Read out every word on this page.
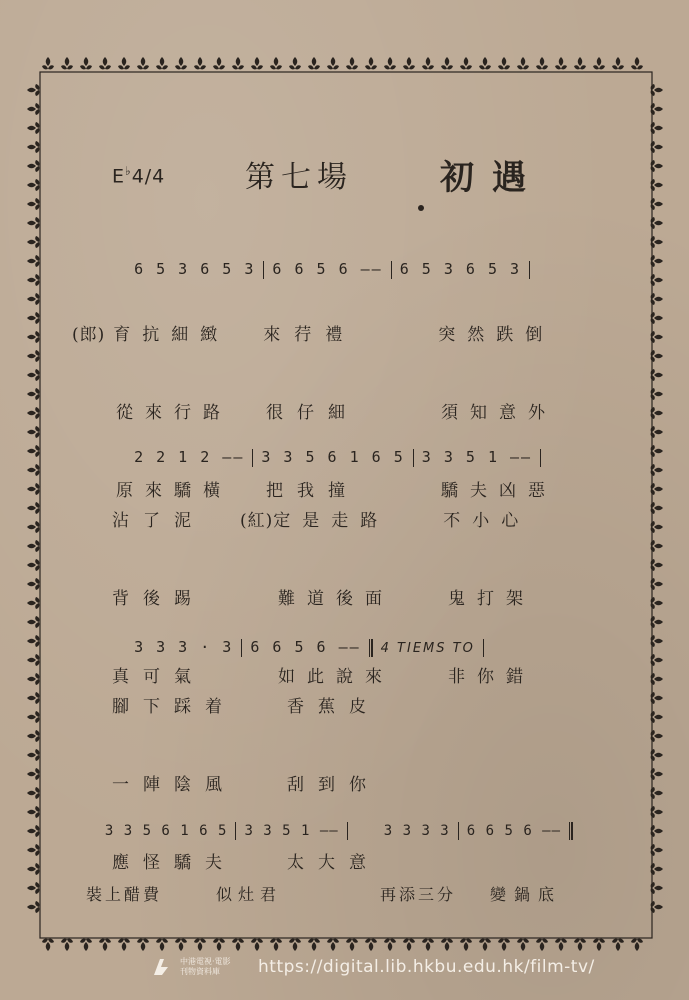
E♭4/4	第七場	初遇

6 5 3 6 5 3 6 6 5 6 —— 6 5 3 6 5 3

(郎) 育抗細緻 來荇禮	突然跌倒

從來行路 很仔細	須知意外

原來驕橫 把我撞	驕夫凶惡

2 2 1 2 —— 3 3 5 6 1 6 5 3 3 5 1 ——

沾了泥 (紅)定是走路	不小心

背後踢	難道後面	鬼打架

真可氣	如此說來	非你錯

3 3 3 · 3 6 6 5 6 —— 4 TIEMS TO

腳下踩着	香蕉皮

一陣陰風	刮到你

應怪驕夫	太大意

3 3 5 6 1 6 5 3 3 5 1 ——	3 3 3 3 6 6 5 6 ——

裝上醋費	似灶君	再添三分 變鍋底

中港電視·電影
刊物資料庫	https://digital.lib.hkbu.edu.hk/film-tv/
